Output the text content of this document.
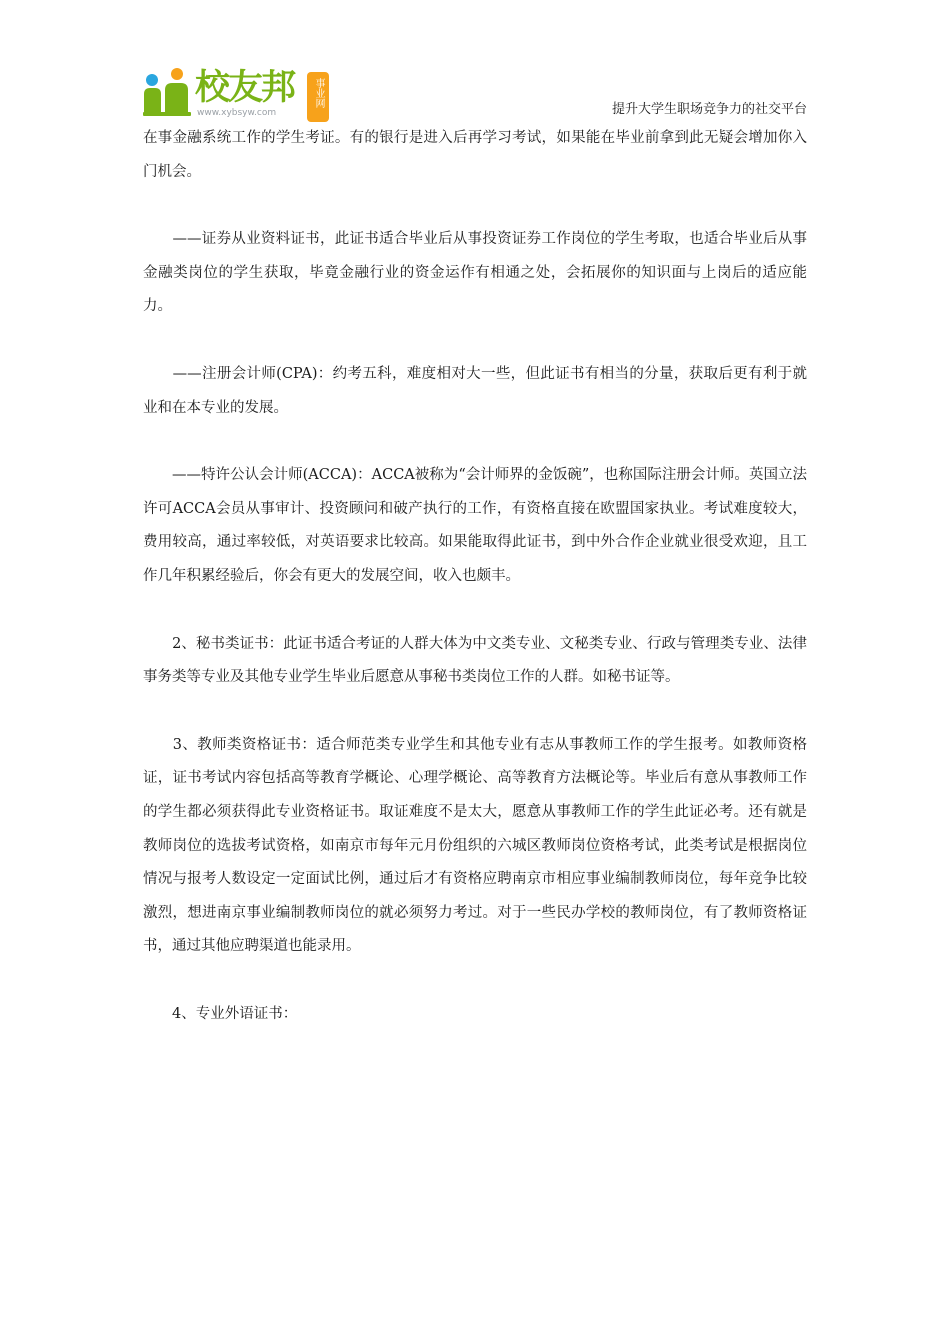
校友邦
www.xybsyw.com
事业网
提升大学生职场竞争力的社交平台

在事金融系统工作的学生考证。有的银行是进入后再学习考试，如果能在毕业前拿到此无疑会增加你入门机会。

　　——证券从业资料证书，此证书适合毕业后从事投资证券工作岗位的学生考取，也适合毕业后从事金融类岗位的学生获取，毕竟金融行业的资金运作有相通之处，会拓展你的知识面与上岗后的适应能力。

　　——注册会计师(CPA)：约考五科，难度相对大一些，但此证书有相当的分量，获取后更有利于就业和在本专业的发展。

　　——特许公认会计师(ACCA)：ACCA被称为“会计师界的金饭碗”，也称国际注册会计师。英国立法许可ACCA会员从事审计、投资顾问和破产执行的工作，有资格直接在欧盟国家执业。考试难度较大，费用较高，通过率较低，对英语要求比较高。如果能取得此证书，到中外合作企业就业很受欢迎，且工作几年积累经验后，你会有更大的发展空间，收入也颇丰。

　　2、秘书类证书：此证书适合考证的人群大体为中文类专业、文秘类专业、行政与管理类专业、法律事务类等专业及其他专业学生毕业后愿意从事秘书类岗位工作的人群。如秘书证等。

　　3、教师类资格证书：适合师范类专业学生和其他专业有志从事教师工作的学生报考。如教师资格证，证书考试内容包括高等教育学概论、心理学概论、高等教育方法概论等。毕业后有意从事教师工作的学生都必须获得此专业资格证书。取证难度不是太大，愿意从事教师工作的学生此证必考。还有就是教师岗位的选拔考试资格，如南京市每年元月份组织的六城区教师岗位资格考试，此类考试是根据岗位情况与报考人数设定一定面试比例，通过后才有资格应聘南京市相应事业编制教师岗位，每年竞争比较激烈，想进南京事业编制教师岗位的就必须努力考过。对于一些民办学校的教师岗位，有了教师资格证书，通过其他应聘渠道也能录用。

　　4、专业外语证书：
